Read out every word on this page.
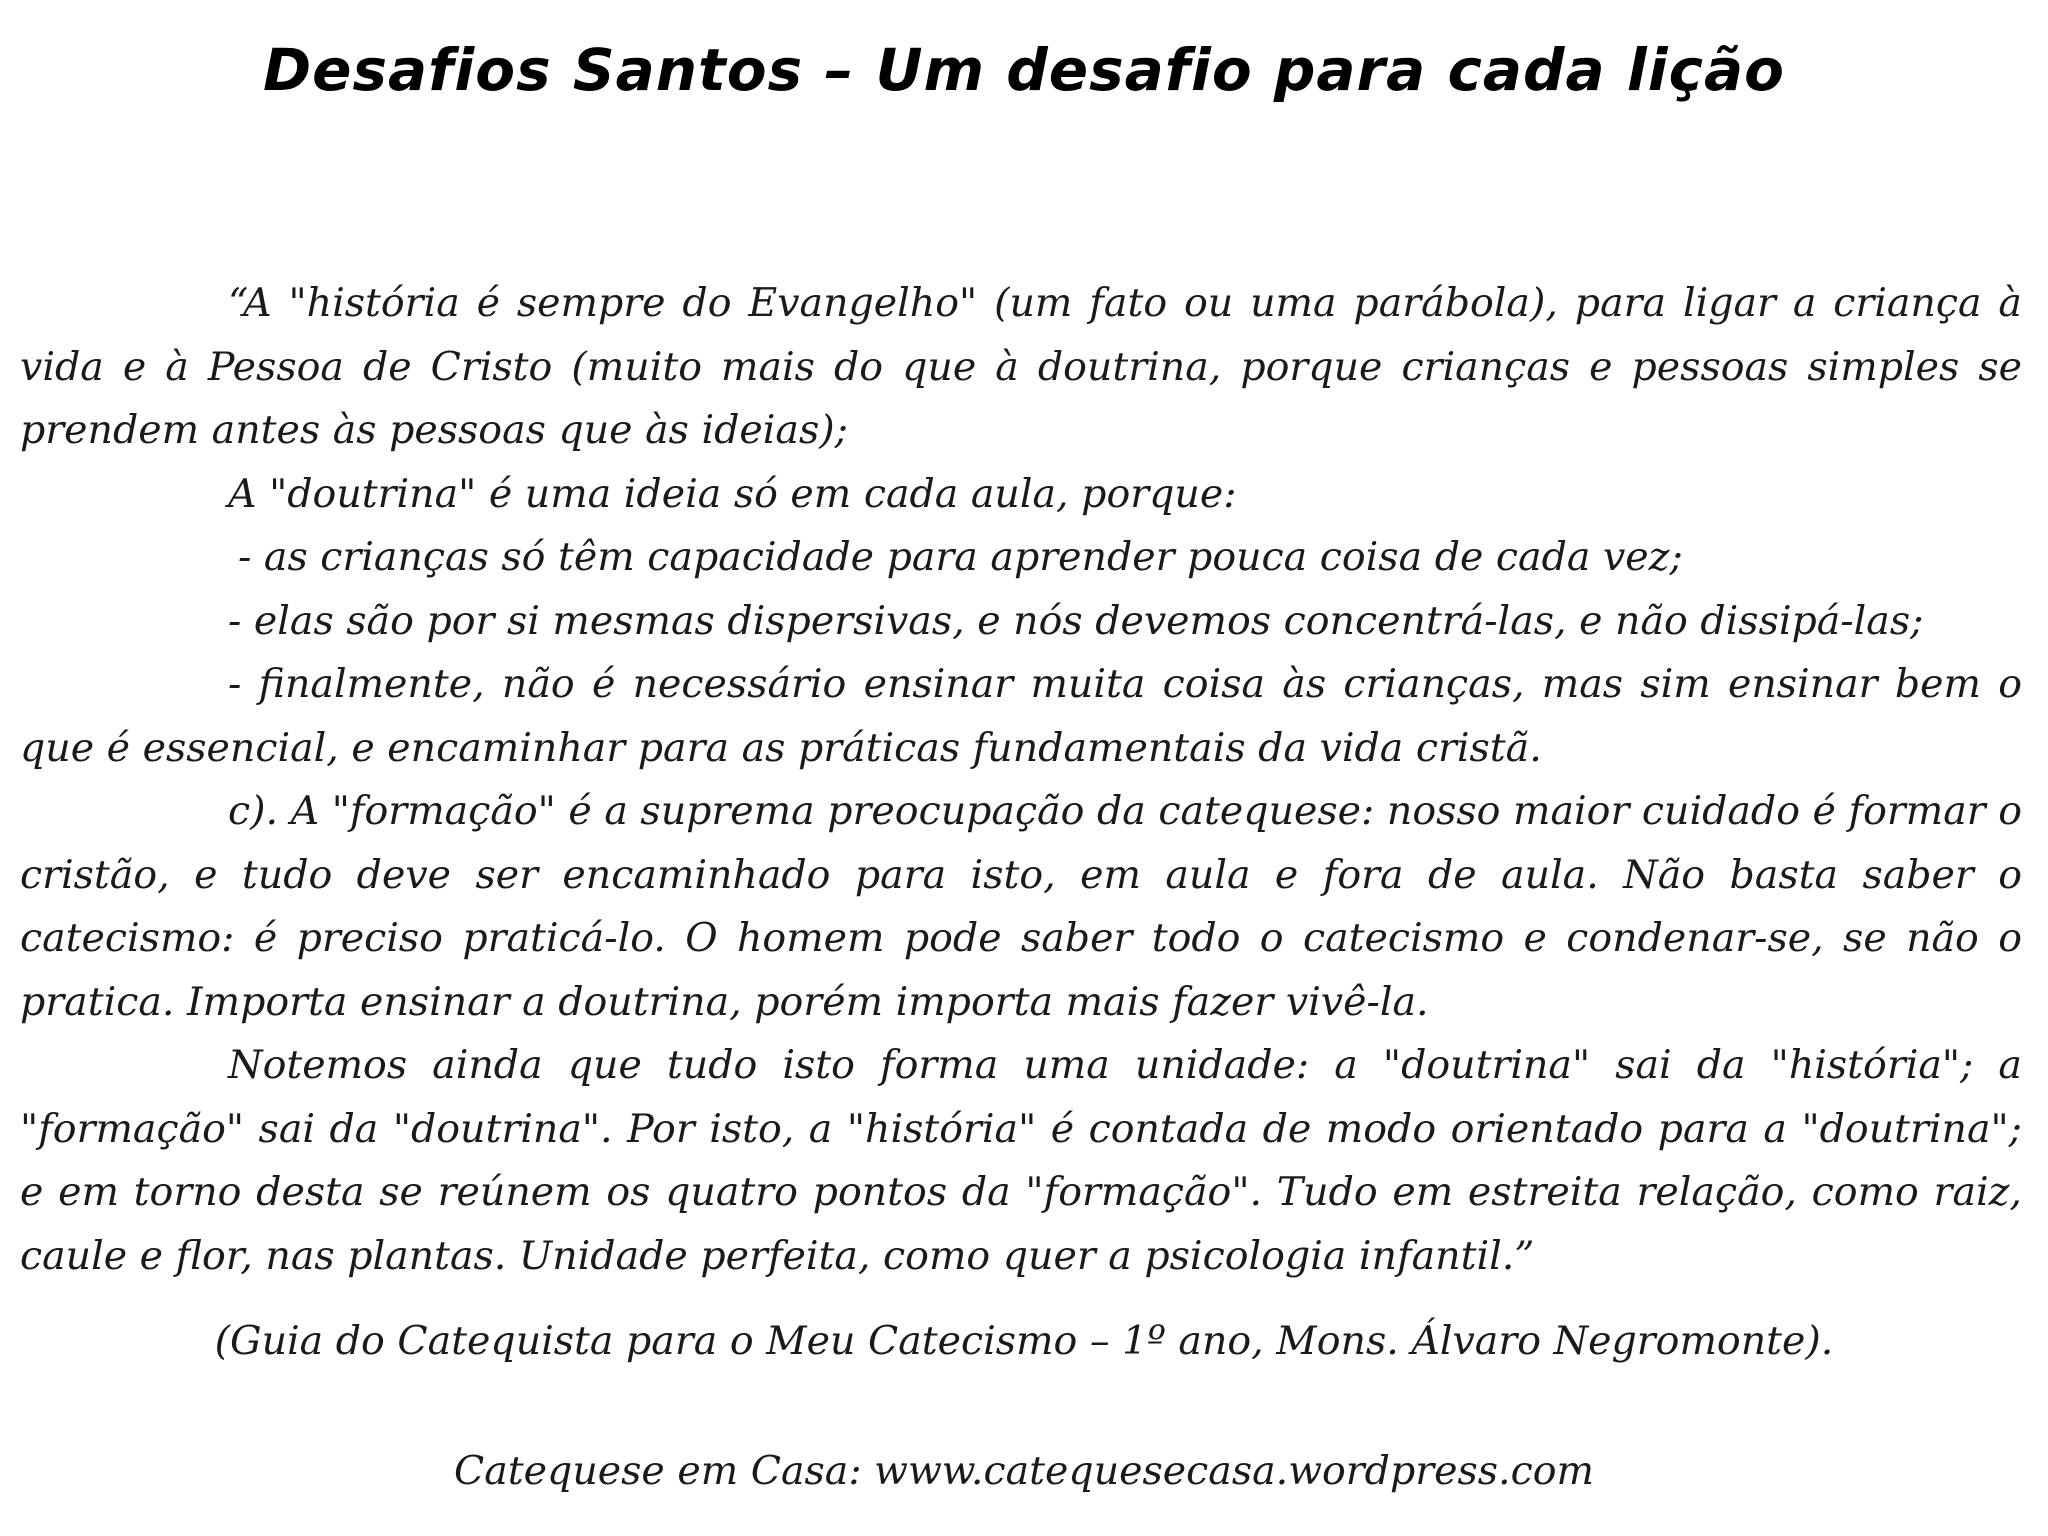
Desafios Santos – Um desafio para cada lição

“A "história é sempre do Evangelho" (um fato ou uma parábola), para ligar a criança à vida e à Pessoa de Cristo (muito mais do que à doutrina, porque crianças e pessoas simples se prendem antes às pessoas que às ideias);

A "doutrina" é uma ideia só em cada aula, porque:

- as crianças só têm capacidade para aprender pouca coisa de cada vez;

- elas são por si mesmas dispersivas, e nós devemos concentrá-las, e não dissipá-las;

- finalmente, não é necessário ensinar muita coisa às crianças, mas sim ensinar bem o que é essencial, e encaminhar para as práticas fundamentais da vida cristã.

c). A "formação" é a suprema preocupação da catequese: nosso maior cuidado é formar o cristão, e tudo deve ser encaminhado para isto, em aula e fora de aula. Não basta saber o catecismo: é preciso praticá-lo. O homem pode saber todo o catecismo e condenar-se, se não o pratica. Importa ensinar a doutrina, porém importa mais fazer vivê-la.

Notemos ainda que tudo isto forma uma unidade: a "doutrina" sai da "história"; a "formação" sai da "doutrina". Por isto, a "história" é contada de modo orientado para a "doutrina"; e em torno desta se reúnem os quatro pontos da "formação". Tudo em estreita relação, como raiz, caule e flor, nas plantas. Unidade perfeita, como quer a psicologia infantil.”

(Guia do Catequista para o Meu Catecismo – 1º ano, Mons. Álvaro Negromonte).
Catequese em Casa: www.catequesecasa.wordpress.com
